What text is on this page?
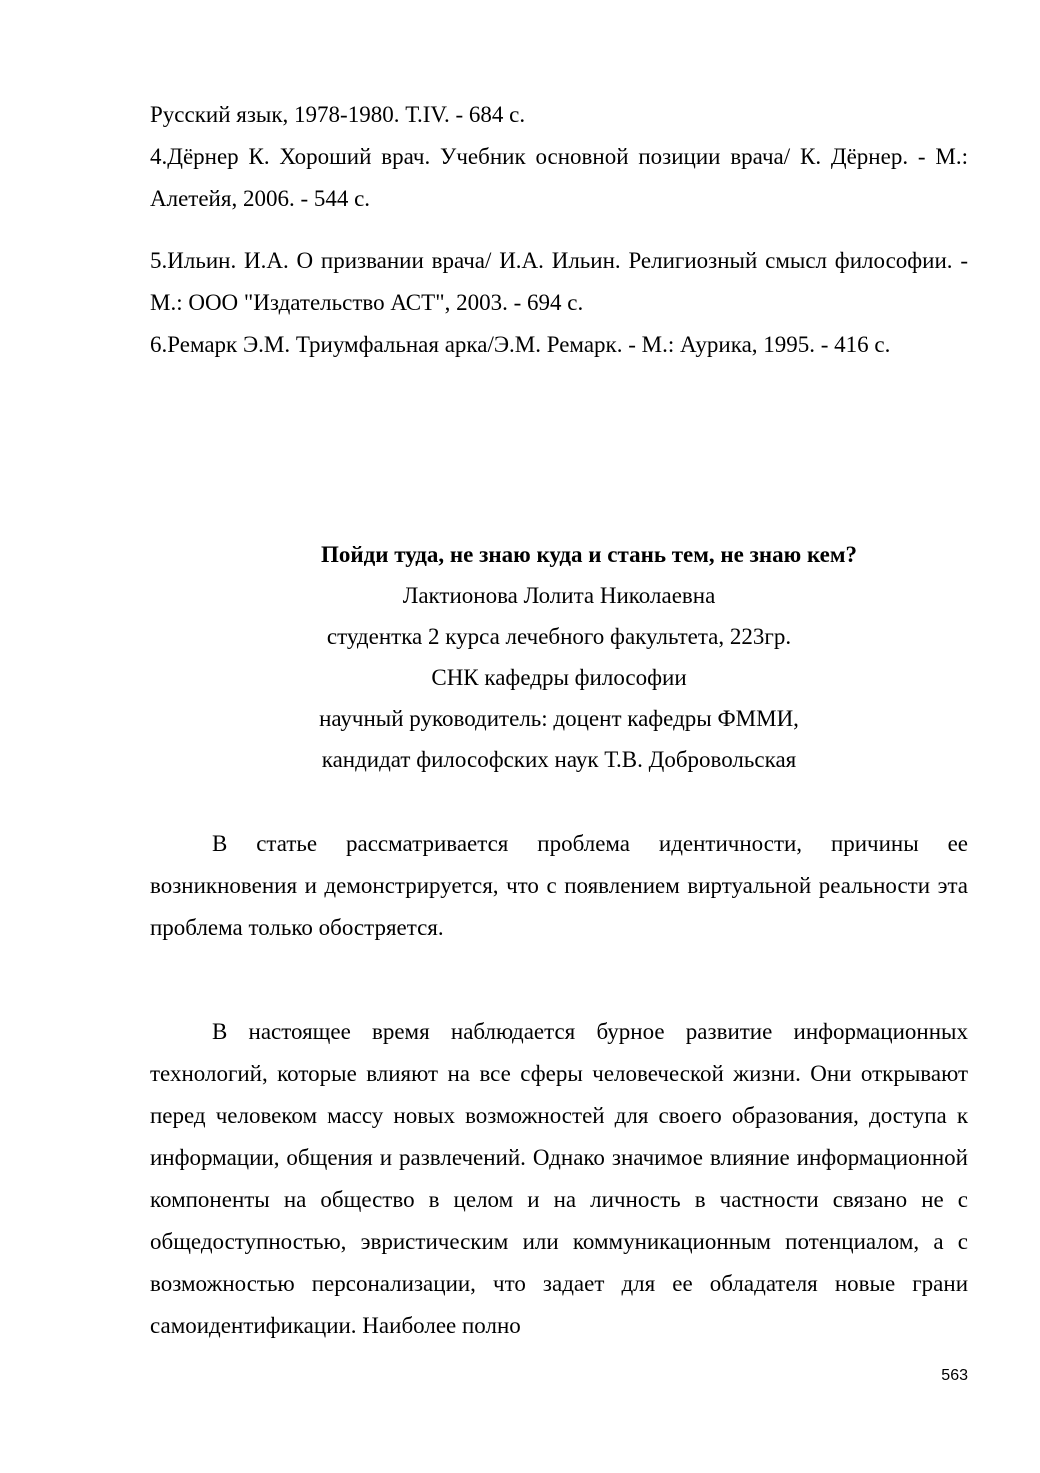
Русский язык, 1978-1980. Т.IV. - 684 с.

4.Дёрнер К. Хороший врач. Учебник основной позиции врача/ К. Дёрнер. - М.: Алетейя, 2006. - 544 с.

5.Ильин. И.А. О призвании врача/ И.А. Ильин. Религиозный смысл философии. - М.: ООО "Издательство АСТ", 2003. - 694 с.

6.Ремарк Э.М. Триумфальная арка/Э.М. Ремарк. - М.: Аурика, 1995. - 416 с.

Пойди туда, не знаю куда и стань тем, не знаю кем?

Лактионова Лолита Николаевна

студентка 2 курса лечебного факультета, 223гр.

СНК кафедры философии

научный руководитель: доцент кафедры ФММИ,

кандидат философских наук Т.В. Добровольская

В статье рассматривается проблема идентичности, причины ее возникновения и демонстрируется, что с появлением виртуальной реальности эта проблема только обостряется.

В настоящее время наблюдается бурное развитие информационных технологий, которые влияют на все сферы человеческой жизни. Они открывают перед человеком массу новых возможностей для своего образования, доступа к информации, общения и развлечений. Однако значимое влияние информационной компоненты на общество в целом и на личность в частности связано не с общедоступностью, эвристическим или коммуникационным потенциалом, а с возможностью персонализации, что задает для ее обладателя новые грани самоидентификации. Наиболее полно

563
